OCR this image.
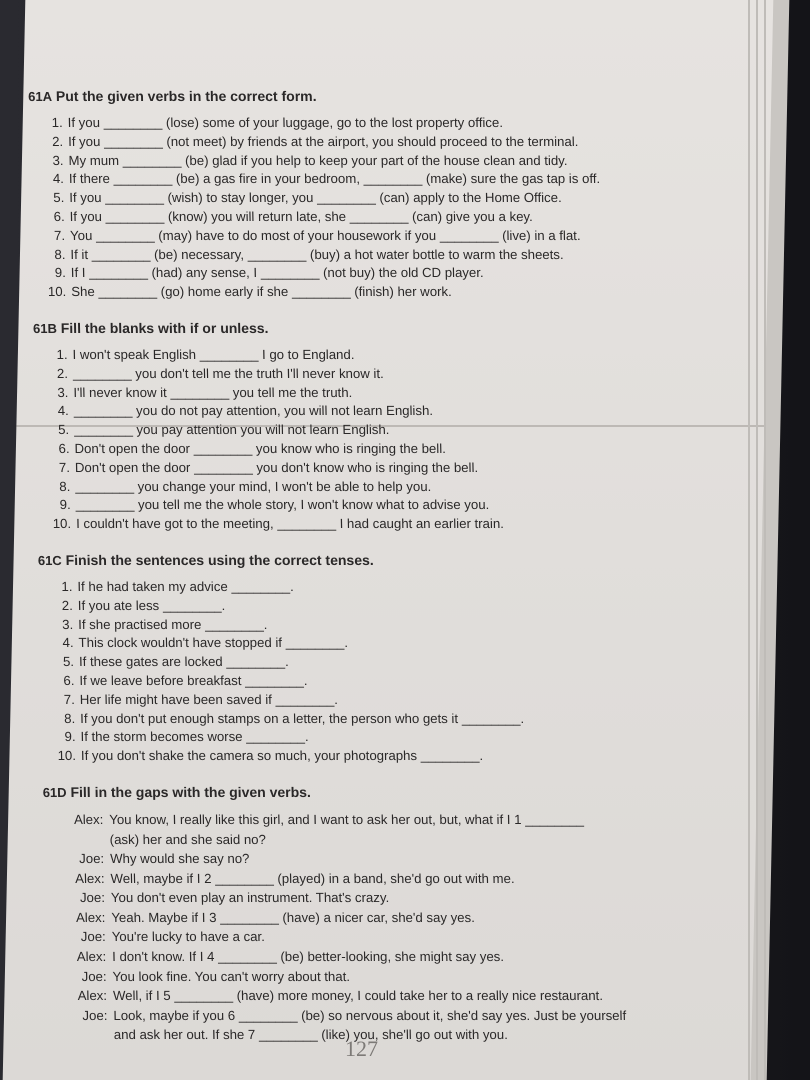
61A Put the given verbs in the correct form.
1. If you ________ (lose) some of your luggage, go to the lost property office.
2. If you ________ (not meet) by friends at the airport, you should proceed to the terminal.
3. My mum ________ (be) glad if you help to keep your part of the house clean and tidy.
4. If there ________ (be) a gas fire in your bedroom, ________ (make) sure the gas tap is off.
5. If you ________ (wish) to stay longer, you ________ (can) apply to the Home Office.
6. If you ________ (know) you will return late, she ________ (can) give you a key.
7. You ________ (may) have to do most of your housework if you ________ (live) in a flat.
8. If it ________ (be) necessary, ________ (buy) a hot water bottle to warm the sheets.
9. If I ________ (had) any sense, I ________ (not buy) the old CD player.
10. She ________ (go) home early if she ________ (finish) her work.
61B Fill the blanks with if or unless.
1. I won't speak English ________ I go to England.
2. ________ you don't tell me the truth I'll never know it.
3. I'll never know it ________ you tell me the truth.
4. ________ you do not pay attention, you will not learn English.
5. ________ you pay attention you will not learn English.
6. Don't open the door ________ you know who is ringing the bell.
7. Don't open the door ________ you don't know who is ringing the bell.
8. ________ you change your mind, I won't be able to help you.
9. ________ you tell me the whole story, I won't know what to advise you.
10. I couldn't have got to the meeting, ________ I had caught an earlier train.
61C Finish the sentences using the correct tenses.
1. If he had taken my advice ________.
2. If you ate less ________.
3. If she practised more ________.
4. This clock wouldn't have stopped if ________.
5. If these gates are locked ________.
6. If we leave before breakfast ________.
7. Her life might have been saved if ________.
8. If you don't put enough stamps on a letter, the person who gets it ________.
9. If the storm becomes worse ________.
10. If you don't shake the camera so much, your photographs ________.
61D Fill in the gaps with the given verbs.
Alex: You know, I really like this girl, and I want to ask her out, but, what if I 1 ________
(ask) her and she said no?
Joe: Why would she say no?
Alex: Well, maybe if I 2 ________ (played) in a band, she'd go out with me.
Joe: You don't even play an instrument. That's crazy.
Alex: Yeah. Maybe if I 3 ________ (have) a nicer car, she'd say yes.
Joe: You're lucky to have a car.
Alex: I don't know. If I 4 ________ (be) better-looking, she might say yes.
Joe: You look fine. You can't worry about that.
Alex: Well, if I 5 ________ (have) more money, I could take her to a really nice restaurant.
Joe: Look, maybe if you 6 ________ (be) so nervous about it, she'd say yes. Just be yourself
and ask her out. If she 7 ________ (like) you, she'll go out with you.
127
